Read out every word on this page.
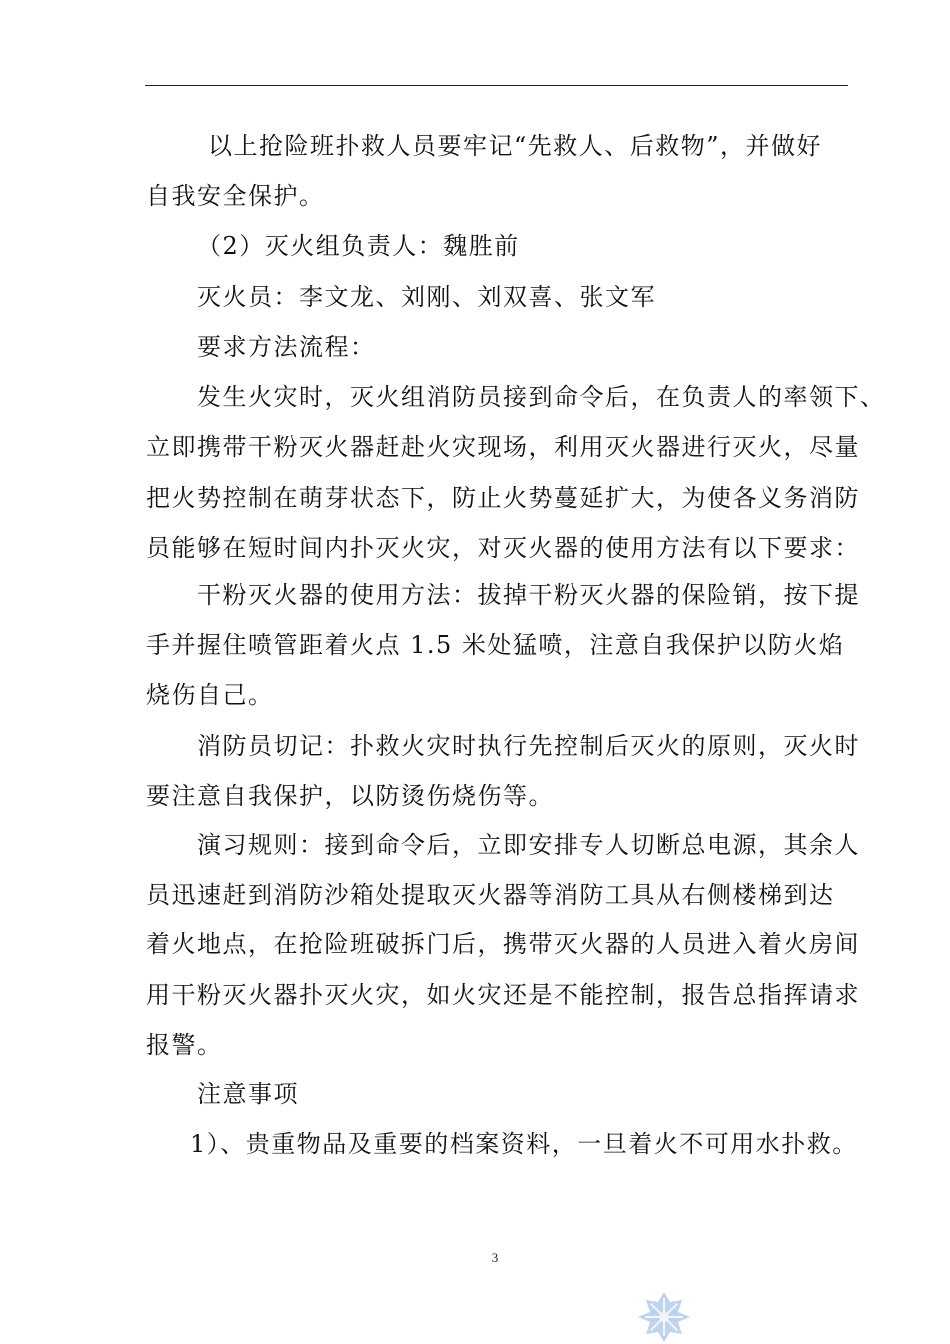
以上抢险班扑救人员要牢记“先救人、后救物”，并做好
自我安全保护。
（2）灭火组负责人：魏胜前
灭火员：李文龙、刘刚、刘双喜、张文军
要求方法流程：
发生火灾时，灭火组消防员接到命令后，在负责人的率领下、
立即携带干粉灭火器赶赴火灾现场，利用灭火器进行灭火，尽量
把火势控制在萌芽状态下，防止火势蔓延扩大，为使各义务消防
员能够在短时间内扑灭火灾，对灭火器的使用方法有以下要求：
干粉灭火器的使用方法：拔掉干粉灭火器的保险销，按下提
手并握住喷管距着火点 1.5 米处猛喷，注意自我保护以防火焰
烧伤自己。
消防员切记：扑救火灾时执行先控制后灭火的原则，灭火时
要注意自我保护，以防烫伤烧伤等。
演习规则：接到命令后，立即安排专人切断总电源，其余人
员迅速赶到消防沙箱处提取灭火器等消防工具从右侧楼梯到达
着火地点，在抢险班破拆门后，携带灭火器的人员进入着火房间
用干粉灭火器扑灭火灾，如火灾还是不能控制，报告总指挥请求
报警。
注意事项
1）、贵重物品及重要的档案资料，一旦着火不可用水扑救。
3
